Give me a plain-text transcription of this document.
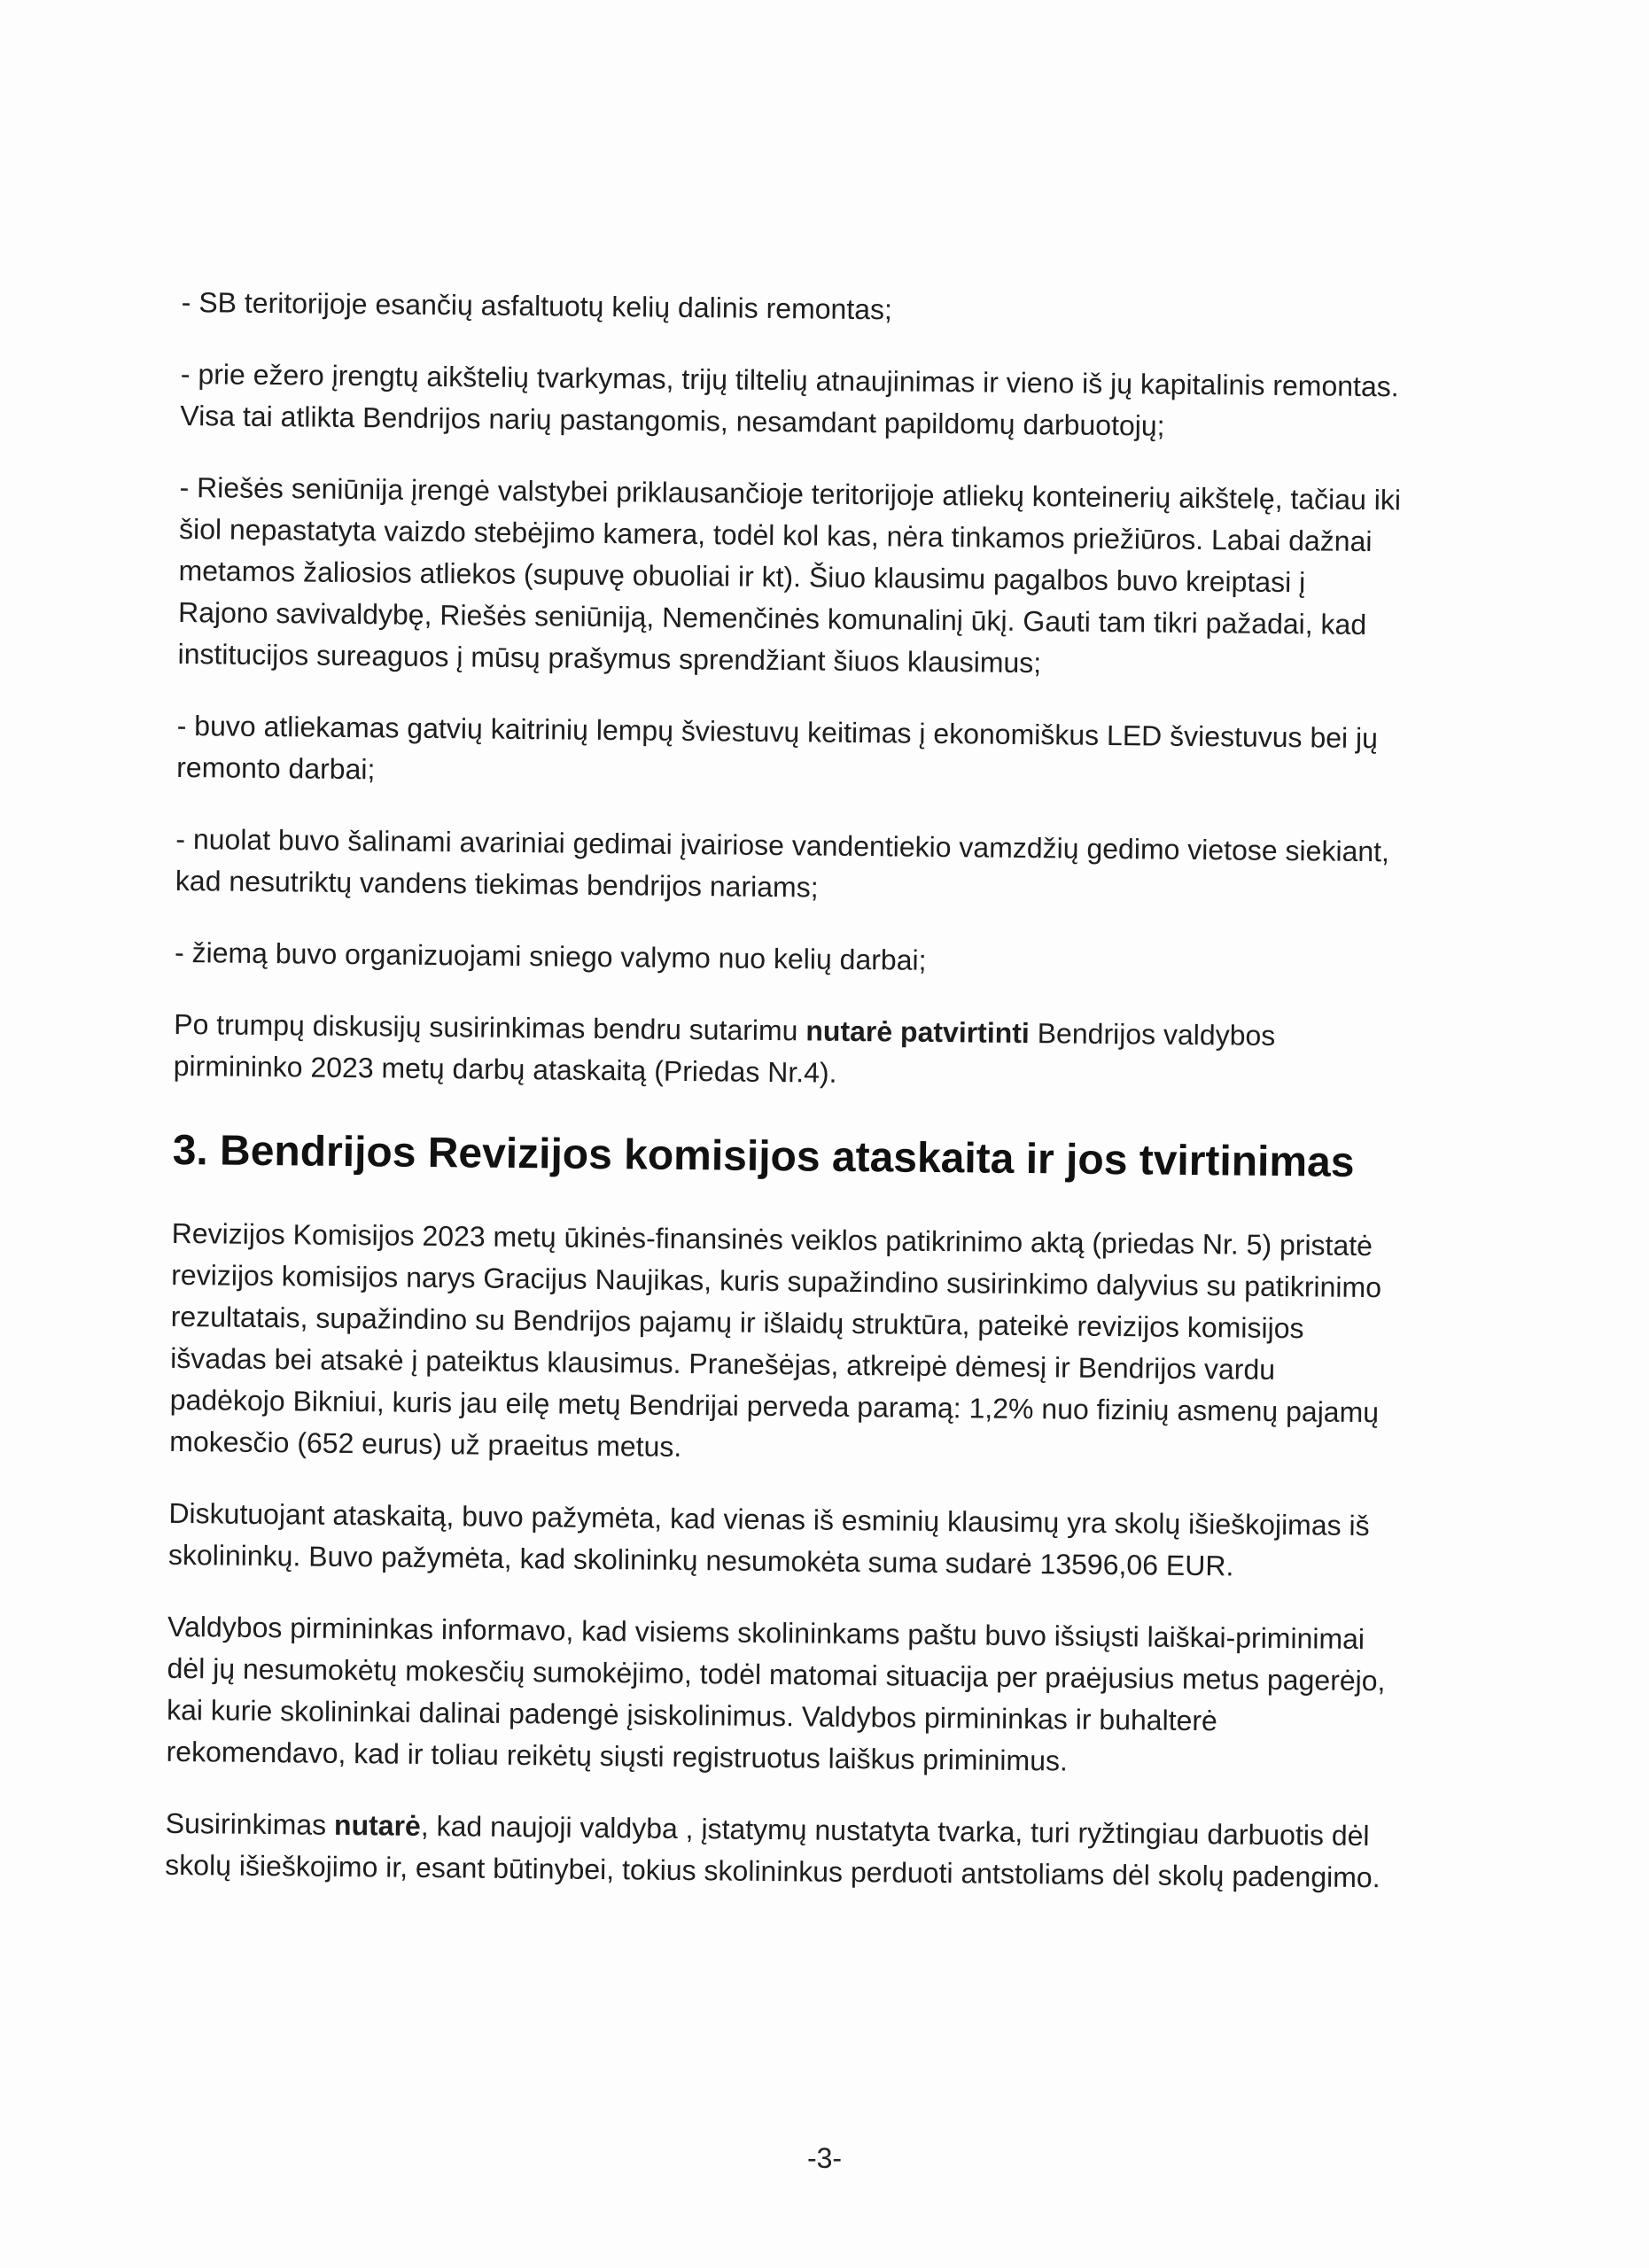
- SB teritorijoje esančių asfaltuotų kelių dalinis remontas;

- prie ežero įrengtų aikštelių tvarkymas, trijų tiltelių atnaujinimas ir vieno iš jų kapitalinis remontas. Visa tai atlikta Bendrijos narių pastangomis, nesamdant papildomų darbuotojų;

- Riešės seniūnija įrengė valstybei priklausančioje teritorijoje atliekų konteinerių aikštelę, tačiau iki šiol nepastatyta vaizdo stebėjimo kamera, todėl kol kas, nėra tinkamos priežiūros. Labai dažnai metamos žaliosios atliekos (supuvę obuoliai ir kt). Šiuo klausimu pagalbos buvo kreiptasi į Rajono savivaldybę, Riešės seniūniją, Nemenčinės komunalinį ūkį. Gauti tam tikri pažadai, kad institucijos sureaguos į mūsų prašymus sprendžiant šiuos klausimus;

- buvo atliekamas gatvių kaitrinių lempų šviestuvų keitimas į ekonomiškus LED šviestuvus bei jų remonto darbai;

- nuolat buvo šalinami avariniai gedimai įvairiose vandentiekio vamzdžių gedimo vietose siekiant, kad nesutriktų vandens tiekimas bendrijos nariams;

- žiemą buvo organizuojami sniego valymo nuo kelių darbai;

Po trumpų diskusijų susirinkimas bendru sutarimu nutarė patvirtinti Bendrijos valdybos pirmininko 2023 metų darbų ataskaitą (Priedas Nr.4).

3. Bendrijos Revizijos komisijos ataskaita ir jos tvirtinimas

Revizijos Komisijos 2023 metų ūkinės-finansinės veiklos patikrinimo aktą (priedas Nr. 5) pristatė revizijos komisijos narys Gracijus Naujikas, kuris supažindino susirinkimo dalyvius su patikrinimo rezultatais, supažindino su Bendrijos pajamų ir išlaidų struktūra, pateikė revizijos komisijos išvadas bei atsakė į pateiktus klausimus. Pranešėjas, atkreipė dėmesį ir Bendrijos vardu padėkojo Bikniui, kuris jau eilę metų Bendrijai perveda paramą: 1,2% nuo fizinių asmenų pajamų mokesčio (652 eurus) už praeitus metus.

Diskutuojant ataskaitą, buvo pažymėta, kad vienas iš esminių klausimų yra skolų išieškojimas iš skolininkų. Buvo pažymėta, kad skolininkų nesumokėta suma sudarė 13596,06 EUR.

Valdybos pirmininkas informavo, kad visiems skolininkams paštu buvo išsiųsti laiškai-priminimai dėl jų nesumokėtų mokesčių sumokėjimo, todėl matomai situacija per praėjusius metus pagerėjo, kai kurie skolininkai dalinai padengė įsiskolinimus. Valdybos pirmininkas ir buhalterė rekomendavo, kad ir toliau reikėtų siųsti registruotus laiškus priminimus.

Susirinkimas nutarė, kad naujoji valdyba , įstatymų nustatyta tvarka, turi ryžtingiau darbuotis dėl skolų išieškojimo ir, esant būtinybei, tokius skolininkus perduoti antstoliams dėl skolų padengimo.

-3-
